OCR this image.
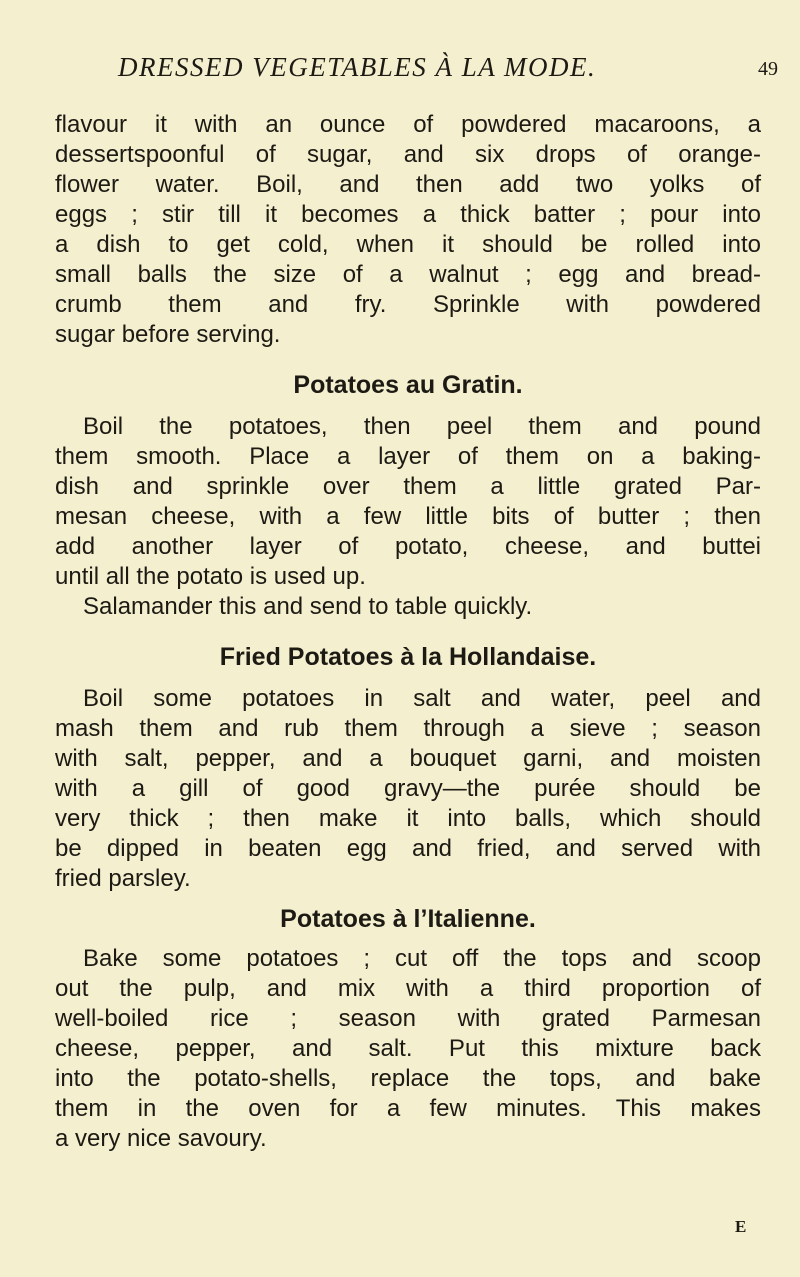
DRESSED VEGETABLES À LA MODE.	49
flavour it with an ounce of powdered macaroons, a
dessertspoonful of sugar, and six drops of orange-
flower water. Boil, and then add two yolks of
eggs ; stir till it becomes a thick batter ; pour into
a dish to get cold, when it should be rolled into
small balls the size of a walnut ; egg and bread-
crumb them and fry. Sprinkle with powdered
sugar before serving.
Potatoes au Gratin.
Boil the potatoes, then peel them and pound
them smooth. Place a layer of them on a baking-
dish and sprinkle over them a little grated Par-
mesan cheese, with a few little bits of butter ; then
add another layer of potato, cheese, and buttei
until all the potato is used up.
Salamander this and send to table quickly.
Fried Potatoes à la Hollandaise.
Boil some potatoes in salt and water, peel and
mash them and rub them through a sieve ; season
with salt, pepper, and a bouquet garni, and moisten
with a gill of good gravy—the purée should be
very thick ; then make it into balls, which should
be dipped in beaten egg and fried, and served with
fried parsley.
Potatoes à l’Italienne.
Bake some potatoes ; cut off the tops and scoop
out the pulp, and mix with a third proportion of
well-boiled rice ; season with grated Parmesan
cheese, pepper, and salt. Put this mixture back
into the potato-shells, replace the tops, and bake
them in the oven for a few minutes. This makes
a very nice savoury.
E
